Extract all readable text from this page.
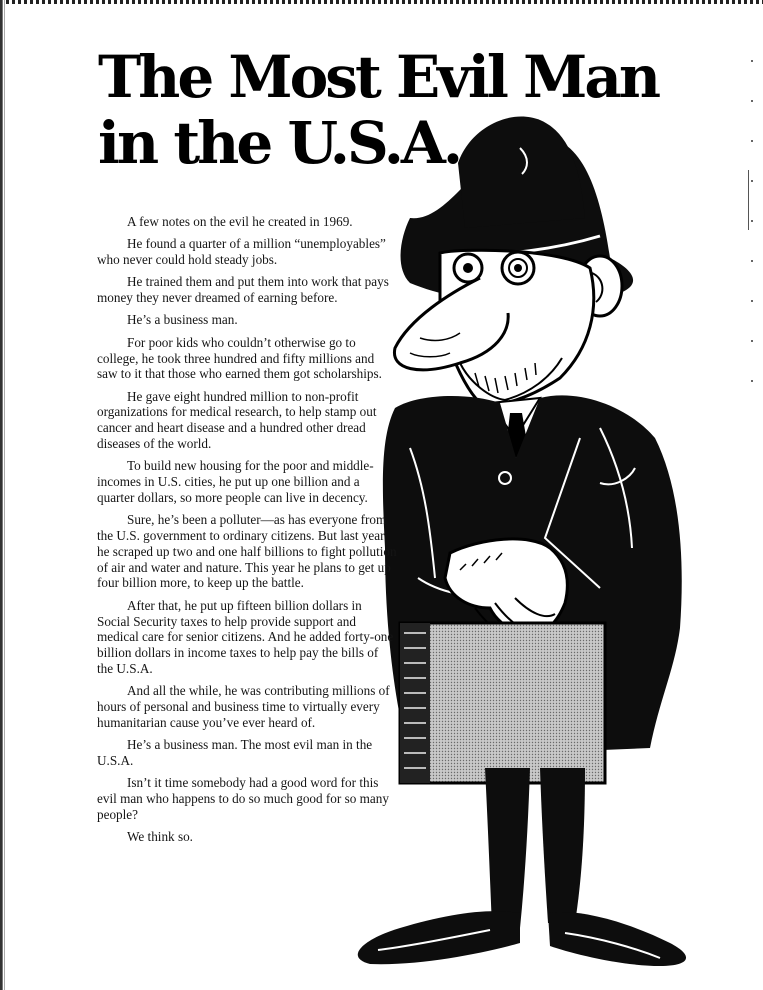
The Most Evil Man
in the U.S.A.

A few notes on the evil he created in 1969.

He found a quarter of a million “unemployables” who never could hold steady jobs.

He trained them and put them into work that pays money they never dreamed of earning before.

He’s a business man.

For poor kids who couldn’t otherwise go to college, he took three hundred and fifty millions and saw to it that those who earned them got scholarships.

He gave eight hundred million to non-profit organizations for medical research, to help stamp out cancer and heart disease and a hundred other dread diseases of the world.

To build new housing for the poor and middle-incomes in U.S. cities, he put up one billion and a quarter dollars, so more people can live in decency.

Sure, he’s been a polluter—as has everyone from the U.S. government to ordinary citizens. But last year he scraped up two and one half billions to fight pollution of air and water and nature. This year he plans to get up four billion more, to keep up the battle.

After that, he put up fifteen billion dollars in Social Security taxes to help provide support and medical care for senior citizens. And he added forty-one billion dollars in income taxes to help pay the bills of the U.S.A.

And all the while, he was contributing millions of hours of personal and business time to virtually every humanitarian cause you’ve ever heard of.

He’s a business man. The most evil man in the U.S.A.

Isn’t it time somebody had a good word for this evil man who happens to do so much good for so many people?

We think so.
